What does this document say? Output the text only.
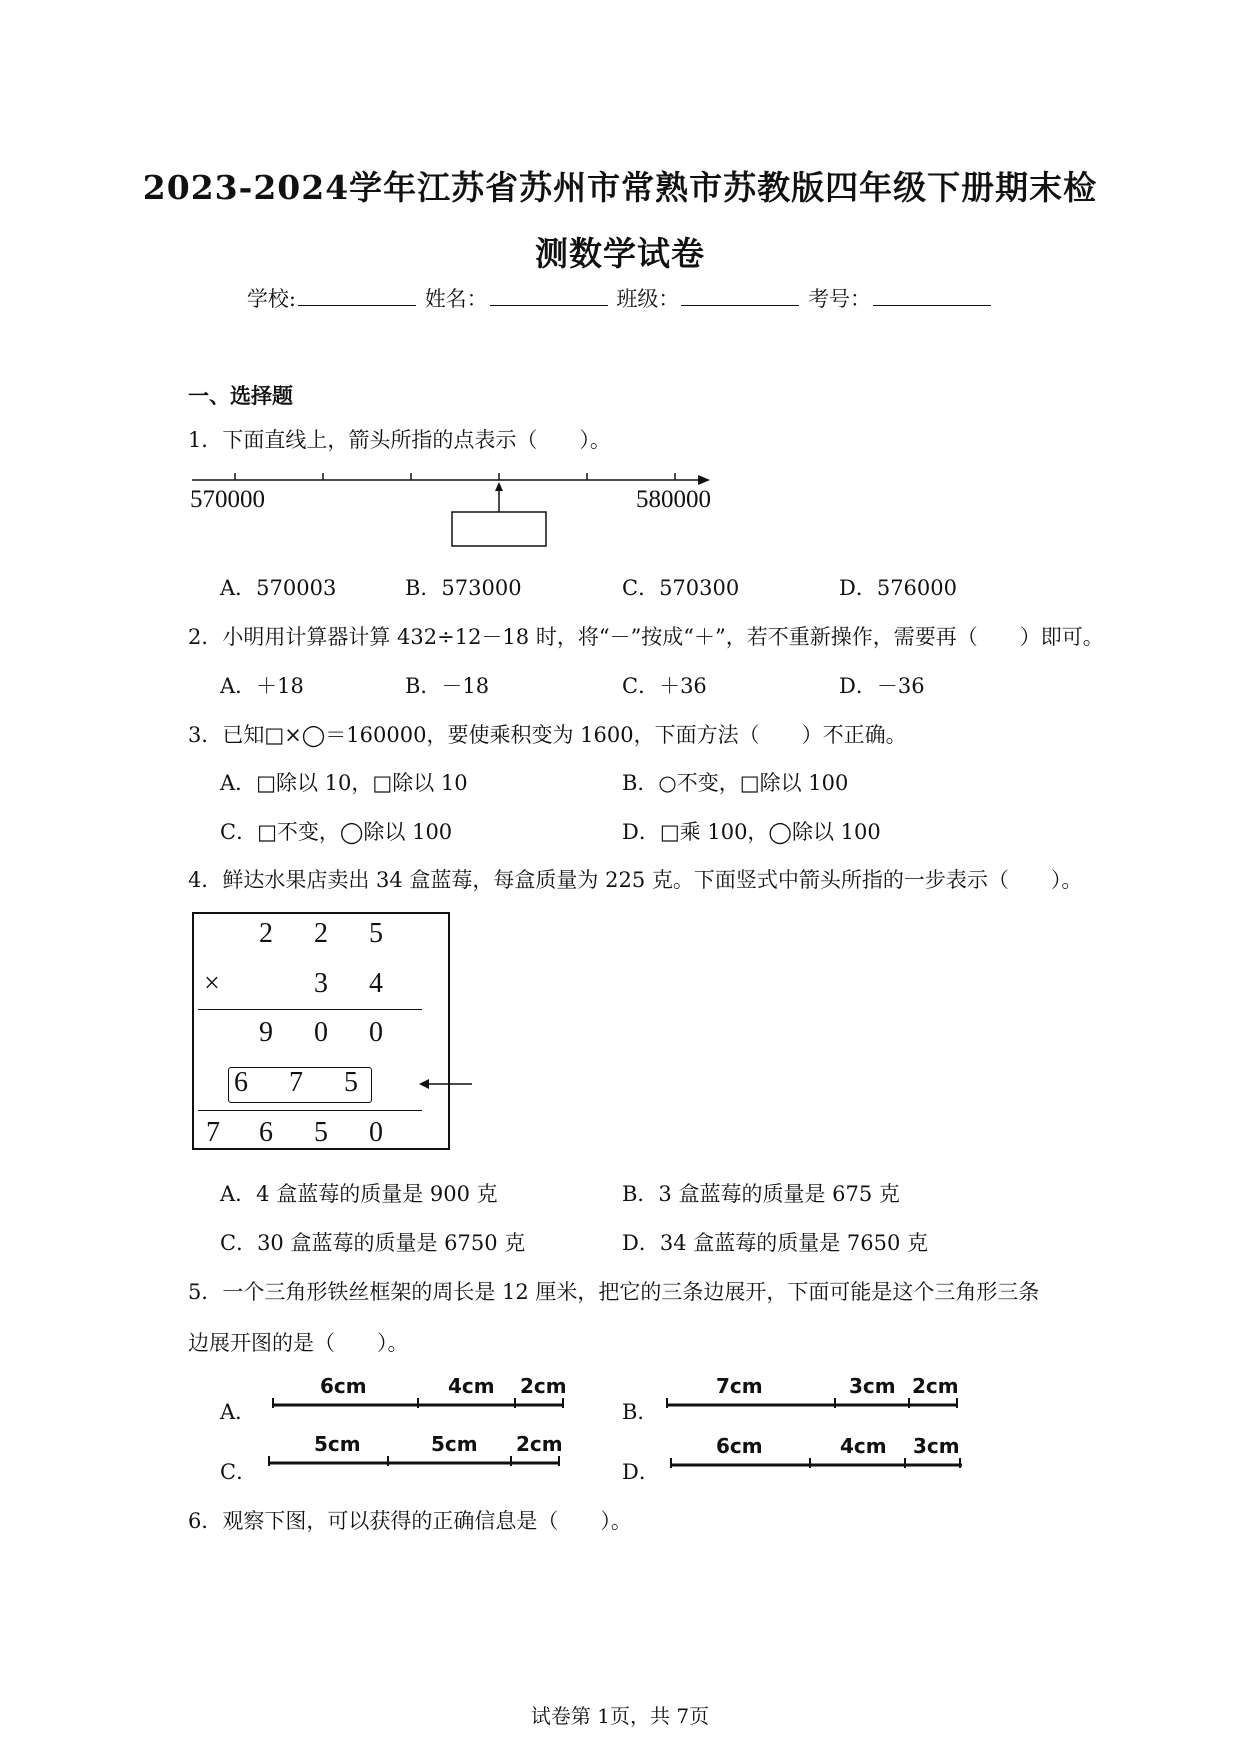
2023-2024学年江苏省苏州市常熟市苏教版四年级下册期末检
测数学试卷
学校:	姓名：	班级：	考号：
一、选择题
1．下面直线上，箭头所指的点表示（　　）。
570000	580000
A．570003	B．573000	C．570300	D．576000
2．小明用计算器计算 432÷12－18 时，将“－”按成“＋”，若不重新操作，需要再（　　）即可。
A．＋18	B．－18	C．＋36	D．－36
3．已知□×◯＝160000，要使乘积变为 1600，下面方法（　　）不正确。
A．□除以 10，□除以 10	B．○不变，□除以 100
C．□不变，◯除以 100	D．□乘 100，◯除以 100
4．鲜达水果店卖出 34 盒蓝莓，每盒质量为 225 克。下面竖式中箭头所指的一步表示（　　）。
2 2 5
×	3 4
9 0 0
6 7 5
7 6 5 0
A．4 盒蓝莓的质量是 900 克	B．3 盒蓝莓的质量是 675 克
C．30 盒蓝莓的质量是 6750 克	D．34 盒蓝莓的质量是 7650 克
5．一个三角形铁丝框架的周长是 12 厘米，把它的三条边展开，下面可能是这个三角形三条
边展开图的是（　　）。
A．
6cm	4cm 2cm
B．
7cm	3cm 2cm
C．
5cm	5cm 2cm
D．
6cm	4cm 3cm
6．观察下图，可以获得的正确信息是（　　）。
试卷第 1页，共 7页
